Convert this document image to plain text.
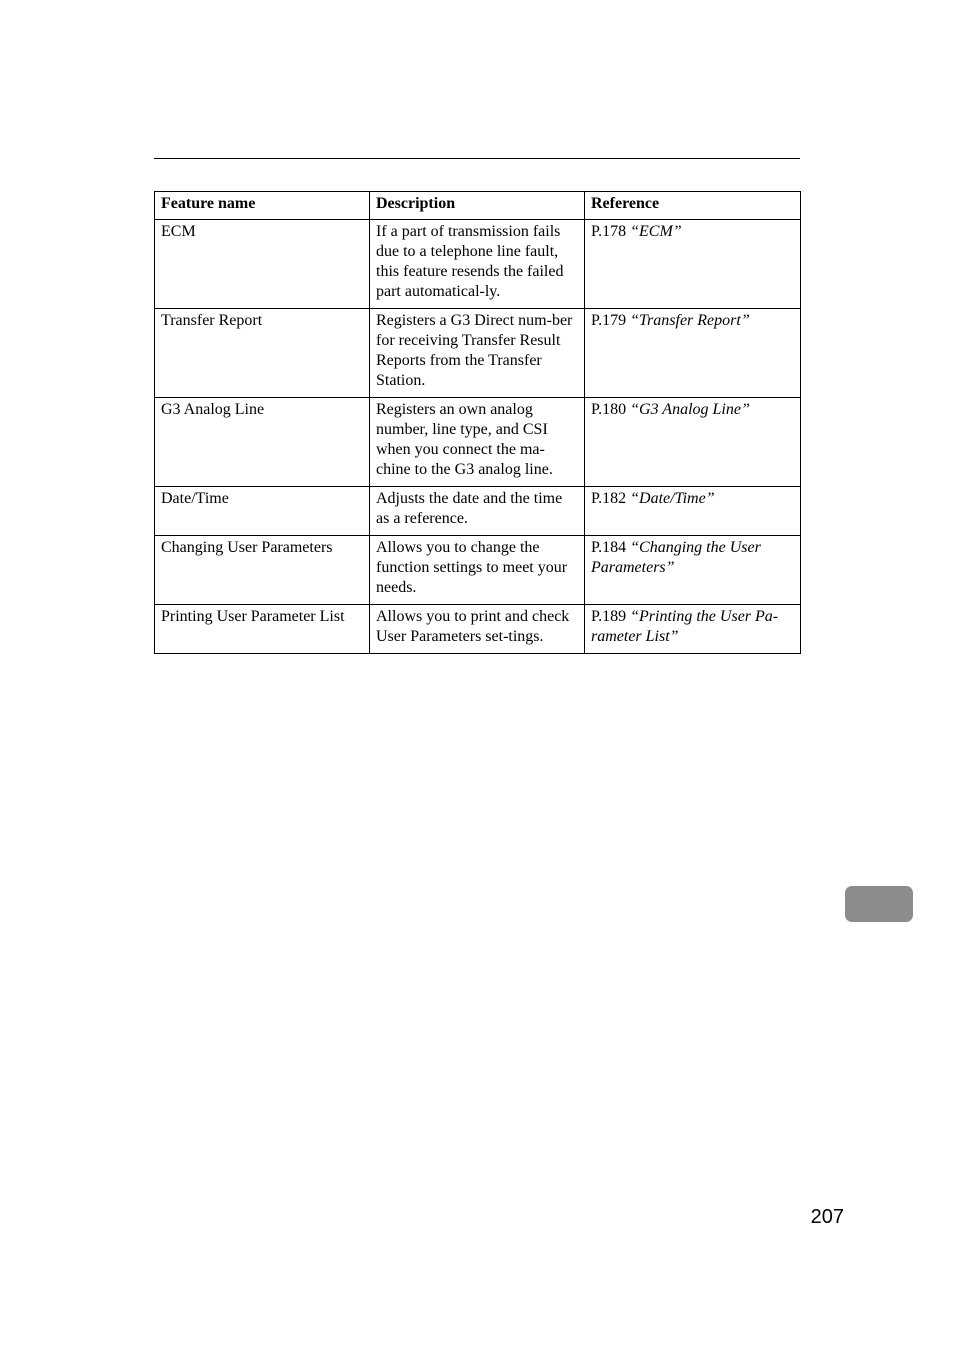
Feature name	Description	Reference
ECM	If a part of transmission fails due to a telephone line fault, this feature resends the failed part automatical-ly.	P.178 “ECM”
Transfer Report	Registers a G3 Direct num-ber for receiving Transfer Result Reports from the Transfer Station.	P.179 “Transfer Report”
G3 Analog Line	Registers an own analog number, line type, and CSI when you connect the ma-chine to the G3 analog line.	P.180 “G3 Analog Line”
Date/Time	Adjusts the date and the time as a reference.	P.182 “Date/Time”
Changing User Parameters	Allows you to change the function settings to meet your needs.	P.184 “Changing the User Parameters”
Printing User Parameter List	Allows you to print and check User Parameters set-tings.	P.189 “Printing the User Pa-rameter List”
207
